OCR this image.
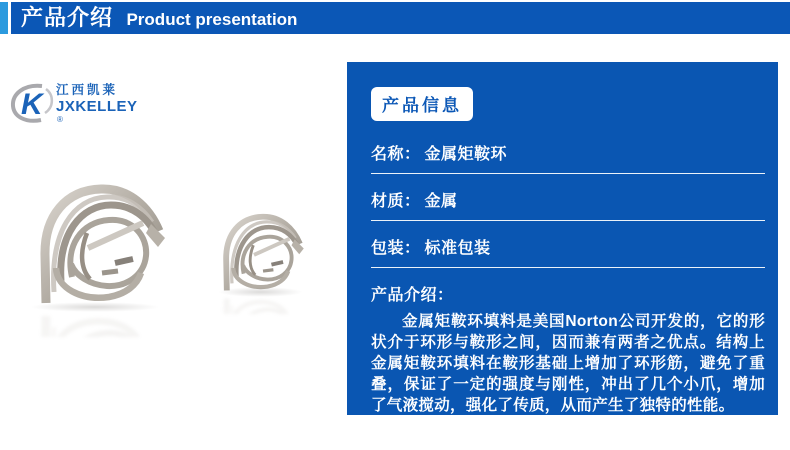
产品介绍 Product presentation
K 江西凯莱
JXKELLEY®
产品信息
名称： 金属矩鞍环
材质： 金属
包装： 标准包装
产品介绍：
金属矩鞍环填料是美国Norton公司开发的，它的形状介于环形与鞍形之间，因而兼有两者之优点。结构上金属矩鞍环填料在鞍形基础上增加了环形筋，避免了重叠，保证了一定的强度与刚性，冲出了几个小爪，增加了气液搅动，强化了传质，从而产生了独特的性能。
